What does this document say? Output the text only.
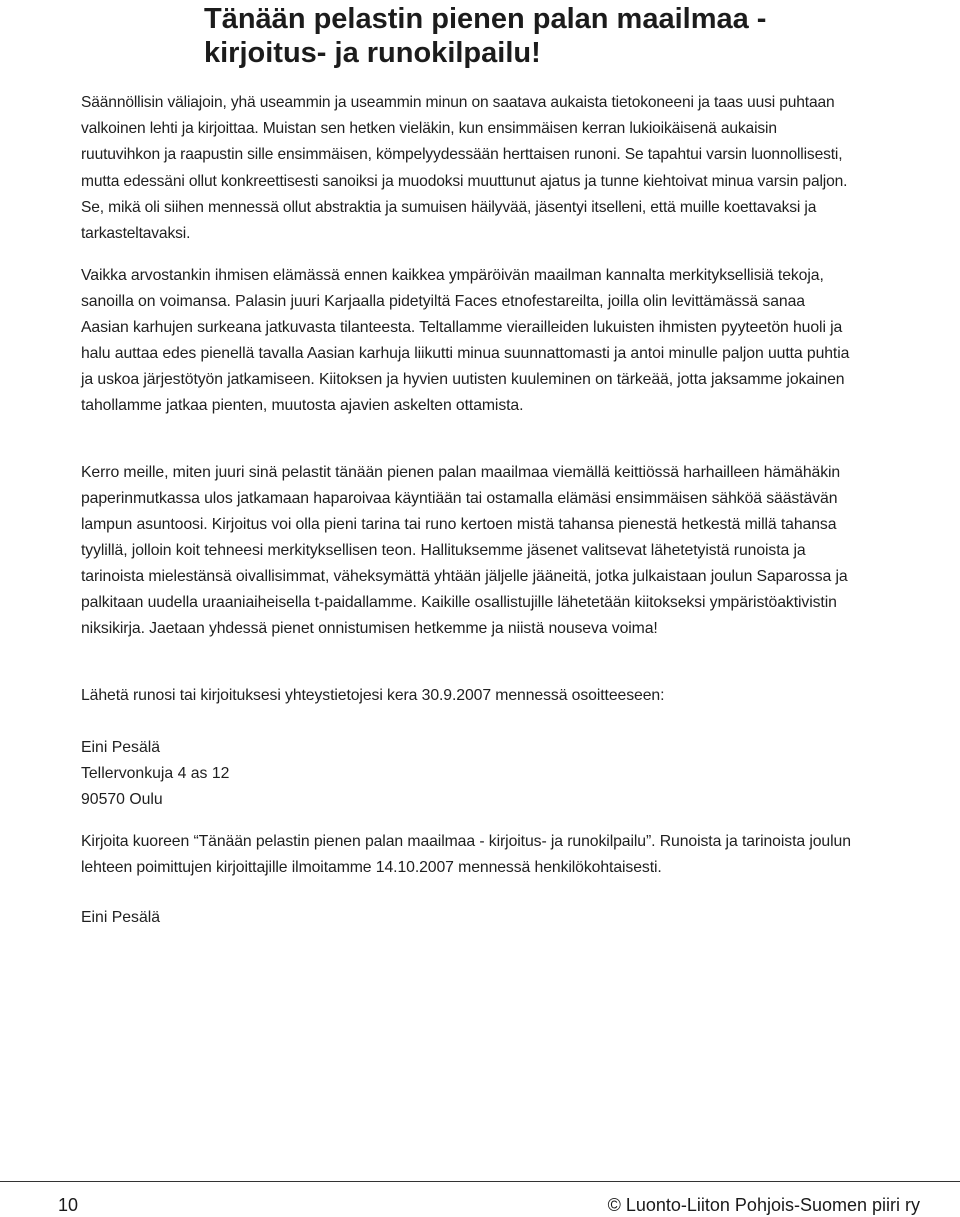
Tänään pelastin pienen palan maailmaa -
kirjoitus- ja runokilpailu!

Säännöllisin väliajoin, yhä useammin ja useammin minun on saatava aukaista tietokoneeni ja taas uusi puhtaan valkoinen lehti ja kirjoittaa. Muistan sen hetken vieläkin, kun ensimmäisen kerran lukioikäisenä aukaisin ruutuvihkon ja raapustin sille ensimmäisen, kömpelyydessään herttaisen runoni. Se tapahtui varsin luonnollisesti, mutta edessäni ollut konkreettisesti sanoiksi ja muodoksi muuttunut ajatus ja tunne kiehtoivat minua varsin paljon. Se, mikä oli siihen mennessä ollut abstraktia ja sumuisen häilyvää, jäsentyi itselleni, että muille koettavaksi ja tarkasteltavaksi.

Vaikka arvostankin ihmisen elämässä ennen kaikkea ympäröivän maailman kannalta merkityksellisiä tekoja, sanoilla on voimansa. Palasin juuri Karjaalla pidetyiltä Faces etnofestareilta, joilla olin levittämässä sanaa Aasian karhujen surkeana jatkuvasta tilanteesta. Teltallamme vierailleiden lukuisten ihmisten pyyteetön huoli ja halu auttaa edes pienellä tavalla Aasian karhuja liikutti minua suunnattomasti ja antoi minulle paljon uutta puhtia ja uskoa järjestötyön jatkamiseen. Kiitoksen ja hyvien uutisten kuuleminen on tärkeää, jotta jaksamme jokainen tahollamme jatkaa pienten, muutosta ajavien askelten ottamista.

Kerro meille, miten juuri sinä pelastit tänään pienen palan maailmaa viemällä keittiössä harhailleen hämähäkin paperinmutkassa ulos jatkamaan haparoivaa käyntiään tai ostamalla elämäsi ensimmäisen sähköä säästävän lampun asuntoosi. Kirjoitus voi olla pieni tarina tai runo kertoen mistä tahansa pienestä hetkestä millä tahansa tyylillä, jolloin koit tehneesi merkityksellisen teon. Hallituksemme jäsenet valitsevat lähetetyistä runoista ja tarinoista mielestänsä oivallisimmat, väheksymättä yhtään jäljelle jääneitä, jotka julkaistaan joulun Saparossa ja palkitaan uudella uraaniaiheisella t-paidallamme. Kaikille osallistujille lähetetään kiitokseksi ympäristöaktivistin niksikirja. Jaetaan yhdessä pienet onnistumisen hetkemme ja niistä nouseva voima!

Lähetä runosi tai kirjoituksesi yhteystietojesi kera 30.9.2007 mennessä osoitteeseen:

Eini Pesälä
Tellervonkuja 4 as 12
90570 Oulu

Kirjoita kuoreen “Tänään pelastin pienen palan maailmaa - kirjoitus- ja runokilpailu”. Runoista ja tarinoista joulun lehteen poimittujen kirjoittajille ilmoitamme 14.10.2007 mennessä henkilökohtaisesti.

Eini Pesälä
10	© Luonto-Liiton Pohjois-Suomen piiri ry
